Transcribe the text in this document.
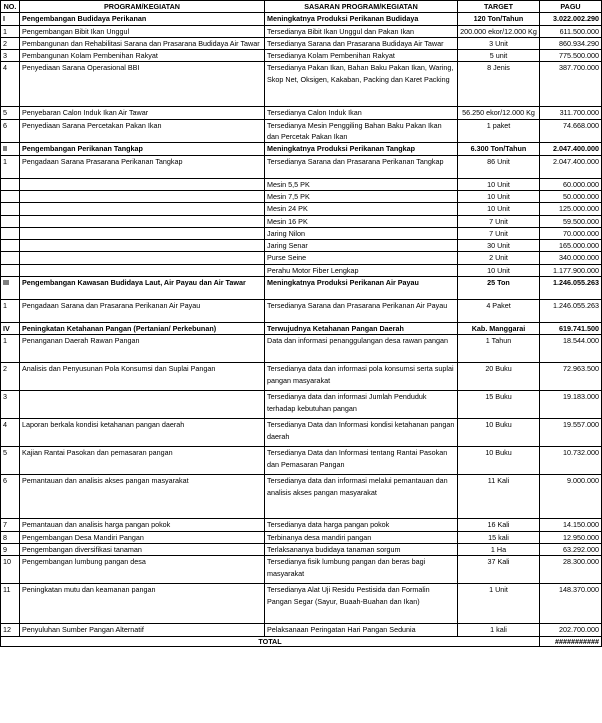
NO.	PROGRAM/KEGIATAN	SASARAN PROGRAM/KEGIATAN	TARGET	PAGU
I	Pengembangan Budidaya Perikanan	Meningkatnya Produksi Perikanan Budidaya	120 Ton/Tahun	3.022.002.290
1	Pengembangan Bibit Ikan Unggul	Tersedianya Bibit Ikan Unggul dan Pakan Ikan	200.000 ekor/12.000 Kg	611.500.000
2	Pembangunan dan Rehabilitasi Sarana dan Prasarana Budidaya Air Tawar	Tersedianya Sarana dan Prasarana Budidaya Air Tawar	3 Unit	860.934.290
3	Pembangunan Kolam Pembenihan Rakyat	Tersedianya Kolam Pembenihan Rakyat	5 unit	775.500.000
4	Penyediaan Sarana Operasional BBI	Tersedianya Pakan Ikan, Bahan Baku Pakan Ikan, Waring, Skop Net, Oksigen, Kakaban, Packing dan Karet Packing	8 Jenis	387.700.000
5	Penyebaran Calon Induk Ikan Air Tawar	Tersedianya Calon Induk Ikan	56.250 ekor/12.000 Kg	311.700.000
6	Penyediaan Sarana Percetakan Pakan Ikan	Tersedianya Mesin Penggiling Bahan Baku Pakan Ikan dan Percetak Pakan Ikan	1 paket	74.668.000
II	Pengembangan Perikanan Tangkap	Meningkatnya Produksi Perikanan Tangkap	6.300 Ton/Tahun	2.047.400.000
1	Pengadaan Sarana Prasarana Perikanan Tangkap	Tersedianya Sarana dan Prasarana Perikanan Tangkap	86 Unit	2.047.400.000
		Mesin 5,5 PK	10 Unit	60.000.000
		Mesin 7,5 PK	10 Unit	50.000.000
		Mesin 24 PK	10 Unit	125.000.000
		Mesin 16 PK	7 Unit	59.500.000
		Jaring Nilon	7 Unit	70.000.000
		Jaring Senar	30 Unit	165.000.000
		Purse Seine	2 Unit	340.000.000
		Perahu Motor Fiber Lengkap	10 Unit	1.177.900.000
III	Pengembangan Kawasan Budidaya Laut, Air Payau dan Air Tawar	Meningkatnya Produksi Perikanan Air Payau	25 Ton	1.246.055.263
1	Pengadaan Sarana dan Prasarana Perikanan Air Payau	Tersedianya Sarana dan Prasarana Perikanan Air Payau	4 Paket	1.246.055.263
IV	Peningkatan Ketahanan Pangan (Pertanian/ Perkebunan)	Terwujudnya Ketahanan Pangan Daerah	Kab. Manggarai	619.741.500
1	Penanganan Daerah Rawan Pangan	Data dan informasi penanggulangan desa rawan pangan	1 Tahun	18.544.000
2	Analisis dan Penyusunan Pola Konsumsi dan Suplai Pangan	Tersedianya data dan informasi pola konsumsi serta suplai pangan masyarakat	20 Buku	72.963.500
3		Tersedianya data dan informasi Jumlah Penduduk terhadap kebutuhan pangan	15 Buku	19.183.000
4	Laporan berkala kondisi ketahanan pangan daerah	Tersedianya Data dan Informasi kondisi ketahanan pangan daerah	10 Buku	19.557.000
5	Kajian Rantai Pasokan dan pemasaran pangan	Tersedianya Data dan Informasi tentang Rantai Pasokan dan Pemasaran Pangan	10 Buku	10.732.000
6	Pemantauan dan analisis akses pangan masyarakat	Tersedianya data dan informasi melalui pemantauan dan analisis akses pangan masyarakat	11 Kali	9.000.000
7	Pemantauan dan analisis harga pangan pokok	Tersedianya data harga pangan pokok	16 Kali	14.150.000
8	Pengembangan Desa Mandiri Pangan	Terbinanya desa mandiri pangan	15 kali	12.950.000
9	Pengembangan diversifikasi tanaman	Terlaksananya budidaya tanaman sorgum	1 Ha	63.292.000
10	Pengembangan lumbung pangan desa	Tersedianya fisik lumbung pangan dan beras bagi masyarakat	37 Kali	28.300.000
11	Peningkatan mutu dan keamanan pangan	Tersedianya Alat Uji Residu Pestisida dan Formalin Pangan Segar (Sayur, Buaah-Buahan dan Ikan)	1 Unit	148.370.000
12	Penyuluhan Sumber Pangan Alternatif	Pelaksanaan Peringatan Hari Pangan Sedunia	1 kali	202.700.000
TOTAL				###########
